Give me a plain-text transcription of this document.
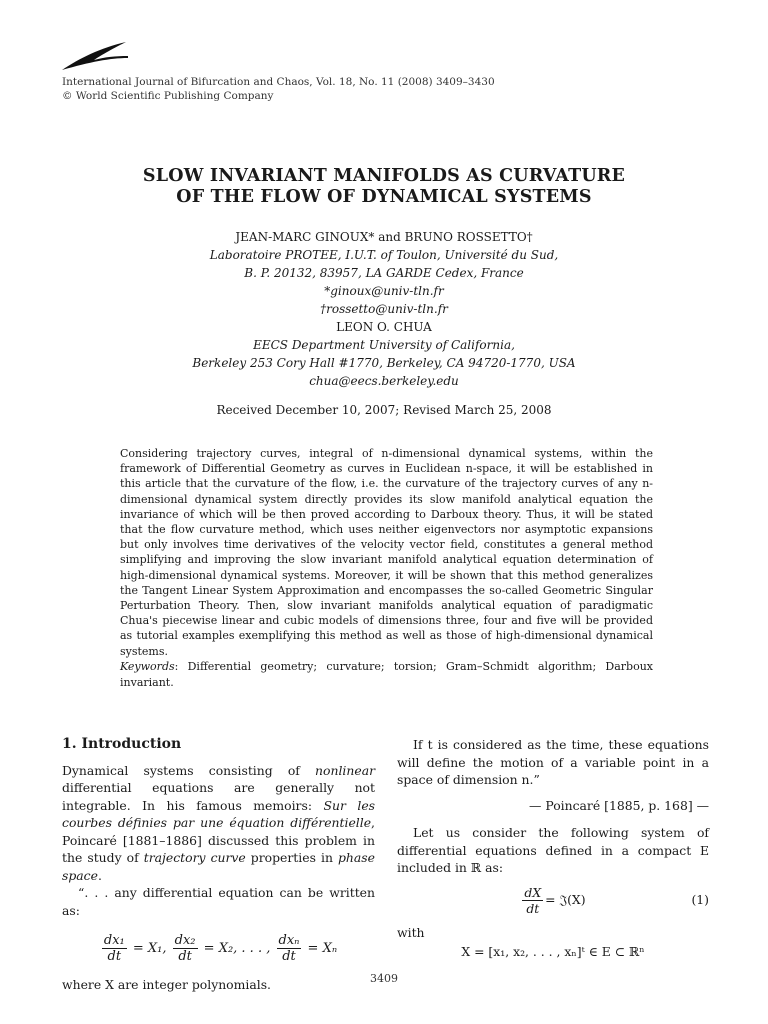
International Journal of Bifurcation and Chaos, Vol. 18, No. 11 (2008) 3409–3430
© World Scientific Publishing Company
SLOW INVARIANT MANIFOLDS AS CURVATURE
OF THE FLOW OF DYNAMICAL SYSTEMS
JEAN-MARC GINOUX* and BRUNO ROSSETTO†
Laboratoire PROTEE, I.U.T. of Toulon, Université du Sud,
B. P. 20132, 83957, LA GARDE Cedex, France
*ginoux@univ-tln.fr
†rossetto@univ-tln.fr
LEON O. CHUA
EECS Department University of California,
Berkeley 253 Cory Hall #1770, Berkeley, CA 94720-1770, USA
chua@eecs.berkeley.edu
Received December 10, 2007; Revised March 25, 2008
Considering trajectory curves, integral of n-dimensional dynamical systems, within the framework of Differential Geometry as curves in Euclidean n-space, it will be established in this article that the curvature of the flow, i.e. the curvature of the trajectory curves of any n-dimensional dynamical system directly provides its slow manifold analytical equation the invariance of which will be then proved according to Darboux theory. Thus, it will be stated that the flow curvature method, which uses neither eigenvectors nor asymptotic expansions but only involves time derivatives of the velocity vector field, constitutes a general method simplifying and improving the slow invariant manifold analytical equation determination of high-dimensional dynamical systems. Moreover, it will be shown that this method generalizes the Tangent Linear System Approximation and encompasses the so-called Geometric Singular Perturbation Theory. Then, slow invariant manifolds analytical equation of paradigmatic Chua's piecewise linear and cubic models of dimensions three, four and five will be provided as tutorial examples exemplifying this method as well as those of high-dimensional dynamical systems.
Keywords: Differential geometry; curvature; torsion; Gram–Schmidt algorithm; Darboux invariant.
1. Introduction
Dynamical systems consisting of nonlinear differential equations are generally not integrable. In his famous memoirs: Sur les courbes définies par une équation différentielle, Poincaré [1881–1886] discussed this problem in the study of trajectory curve properties in phase space.
“. . . any differential equation can be written as:
$\frac{\text{dx₁}}{dt} = X_1$, $\frac{\text{dx₂}}{dt} = X_2$, . . . , $\frac{\text{dxₙ}}{dt} = X_n$
where X are integer polynomials.
If t is considered as the time, these equations will define the motion of a variable point in a space of dimension n.”
— Poincaré [1885, p. 168] —
Let us consider the following system of differential equations defined in a compact E included in ℝ as:
$\frac{dX}{dt}$ = 𝔍(X)	(1)
with
X = [x₁, x₂, . . . , xₙ]ᵗ ∈ E ⊂ ℝⁿ
3409
